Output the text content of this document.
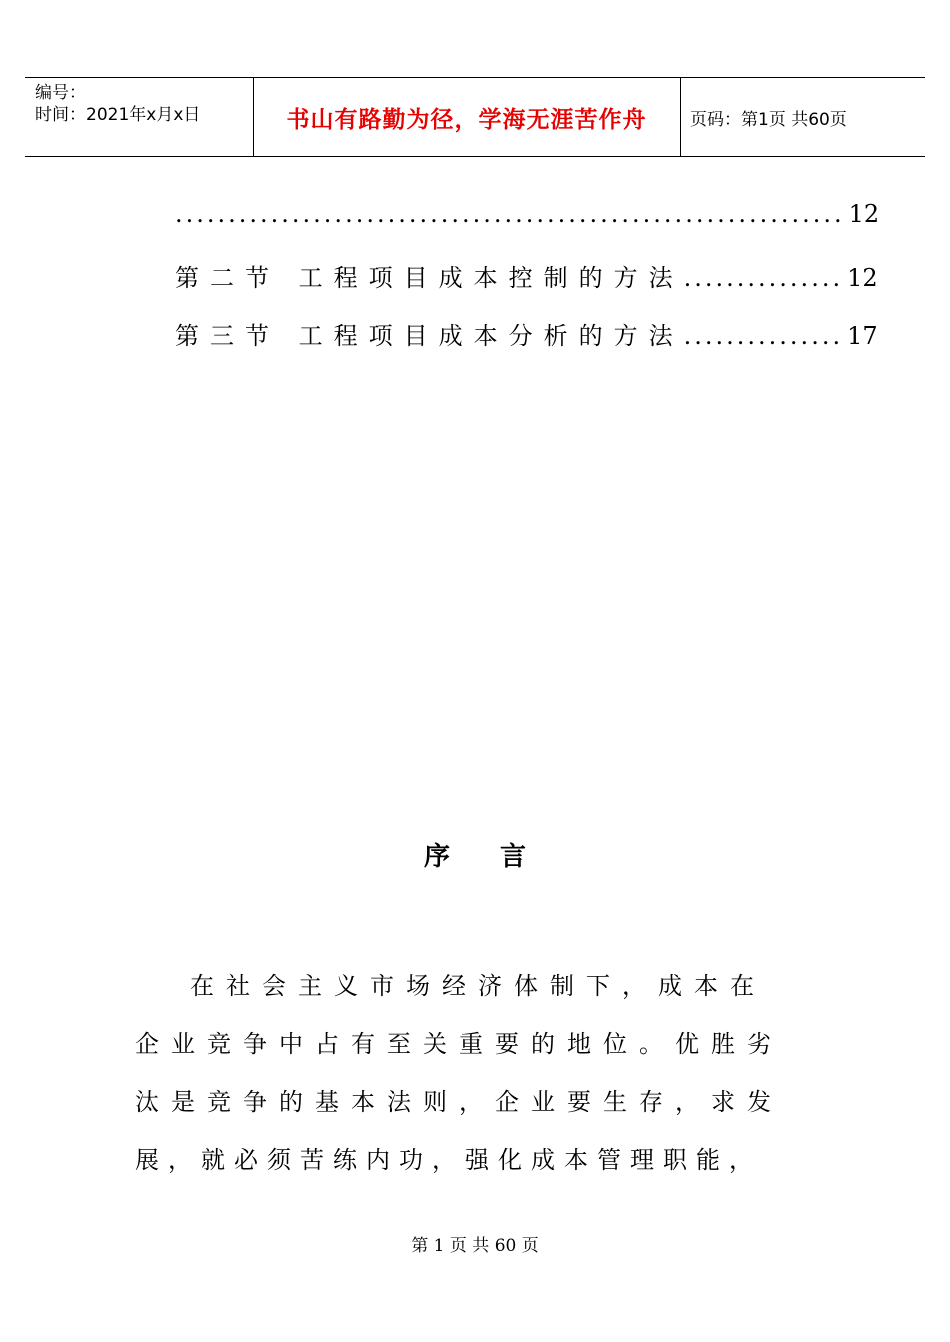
编号：
时间：2021年x月x日	书山有路勤为径，学海无涯苦作舟	页码：第1页 共60页
............................................................... 12
第二节 工程项目成本控制的方法 ............... 12
第三节 工程项目成本分析的方法 ............... 17
序言
在社会主义市场经济体制下，成本在
企业竞争中占有至关重要的地位。优胜劣
汰是竞争的基本法则，企业要生存，求发
展，就必须苦练内功，强化成本管理职能，
第 1 页 共 60 页
